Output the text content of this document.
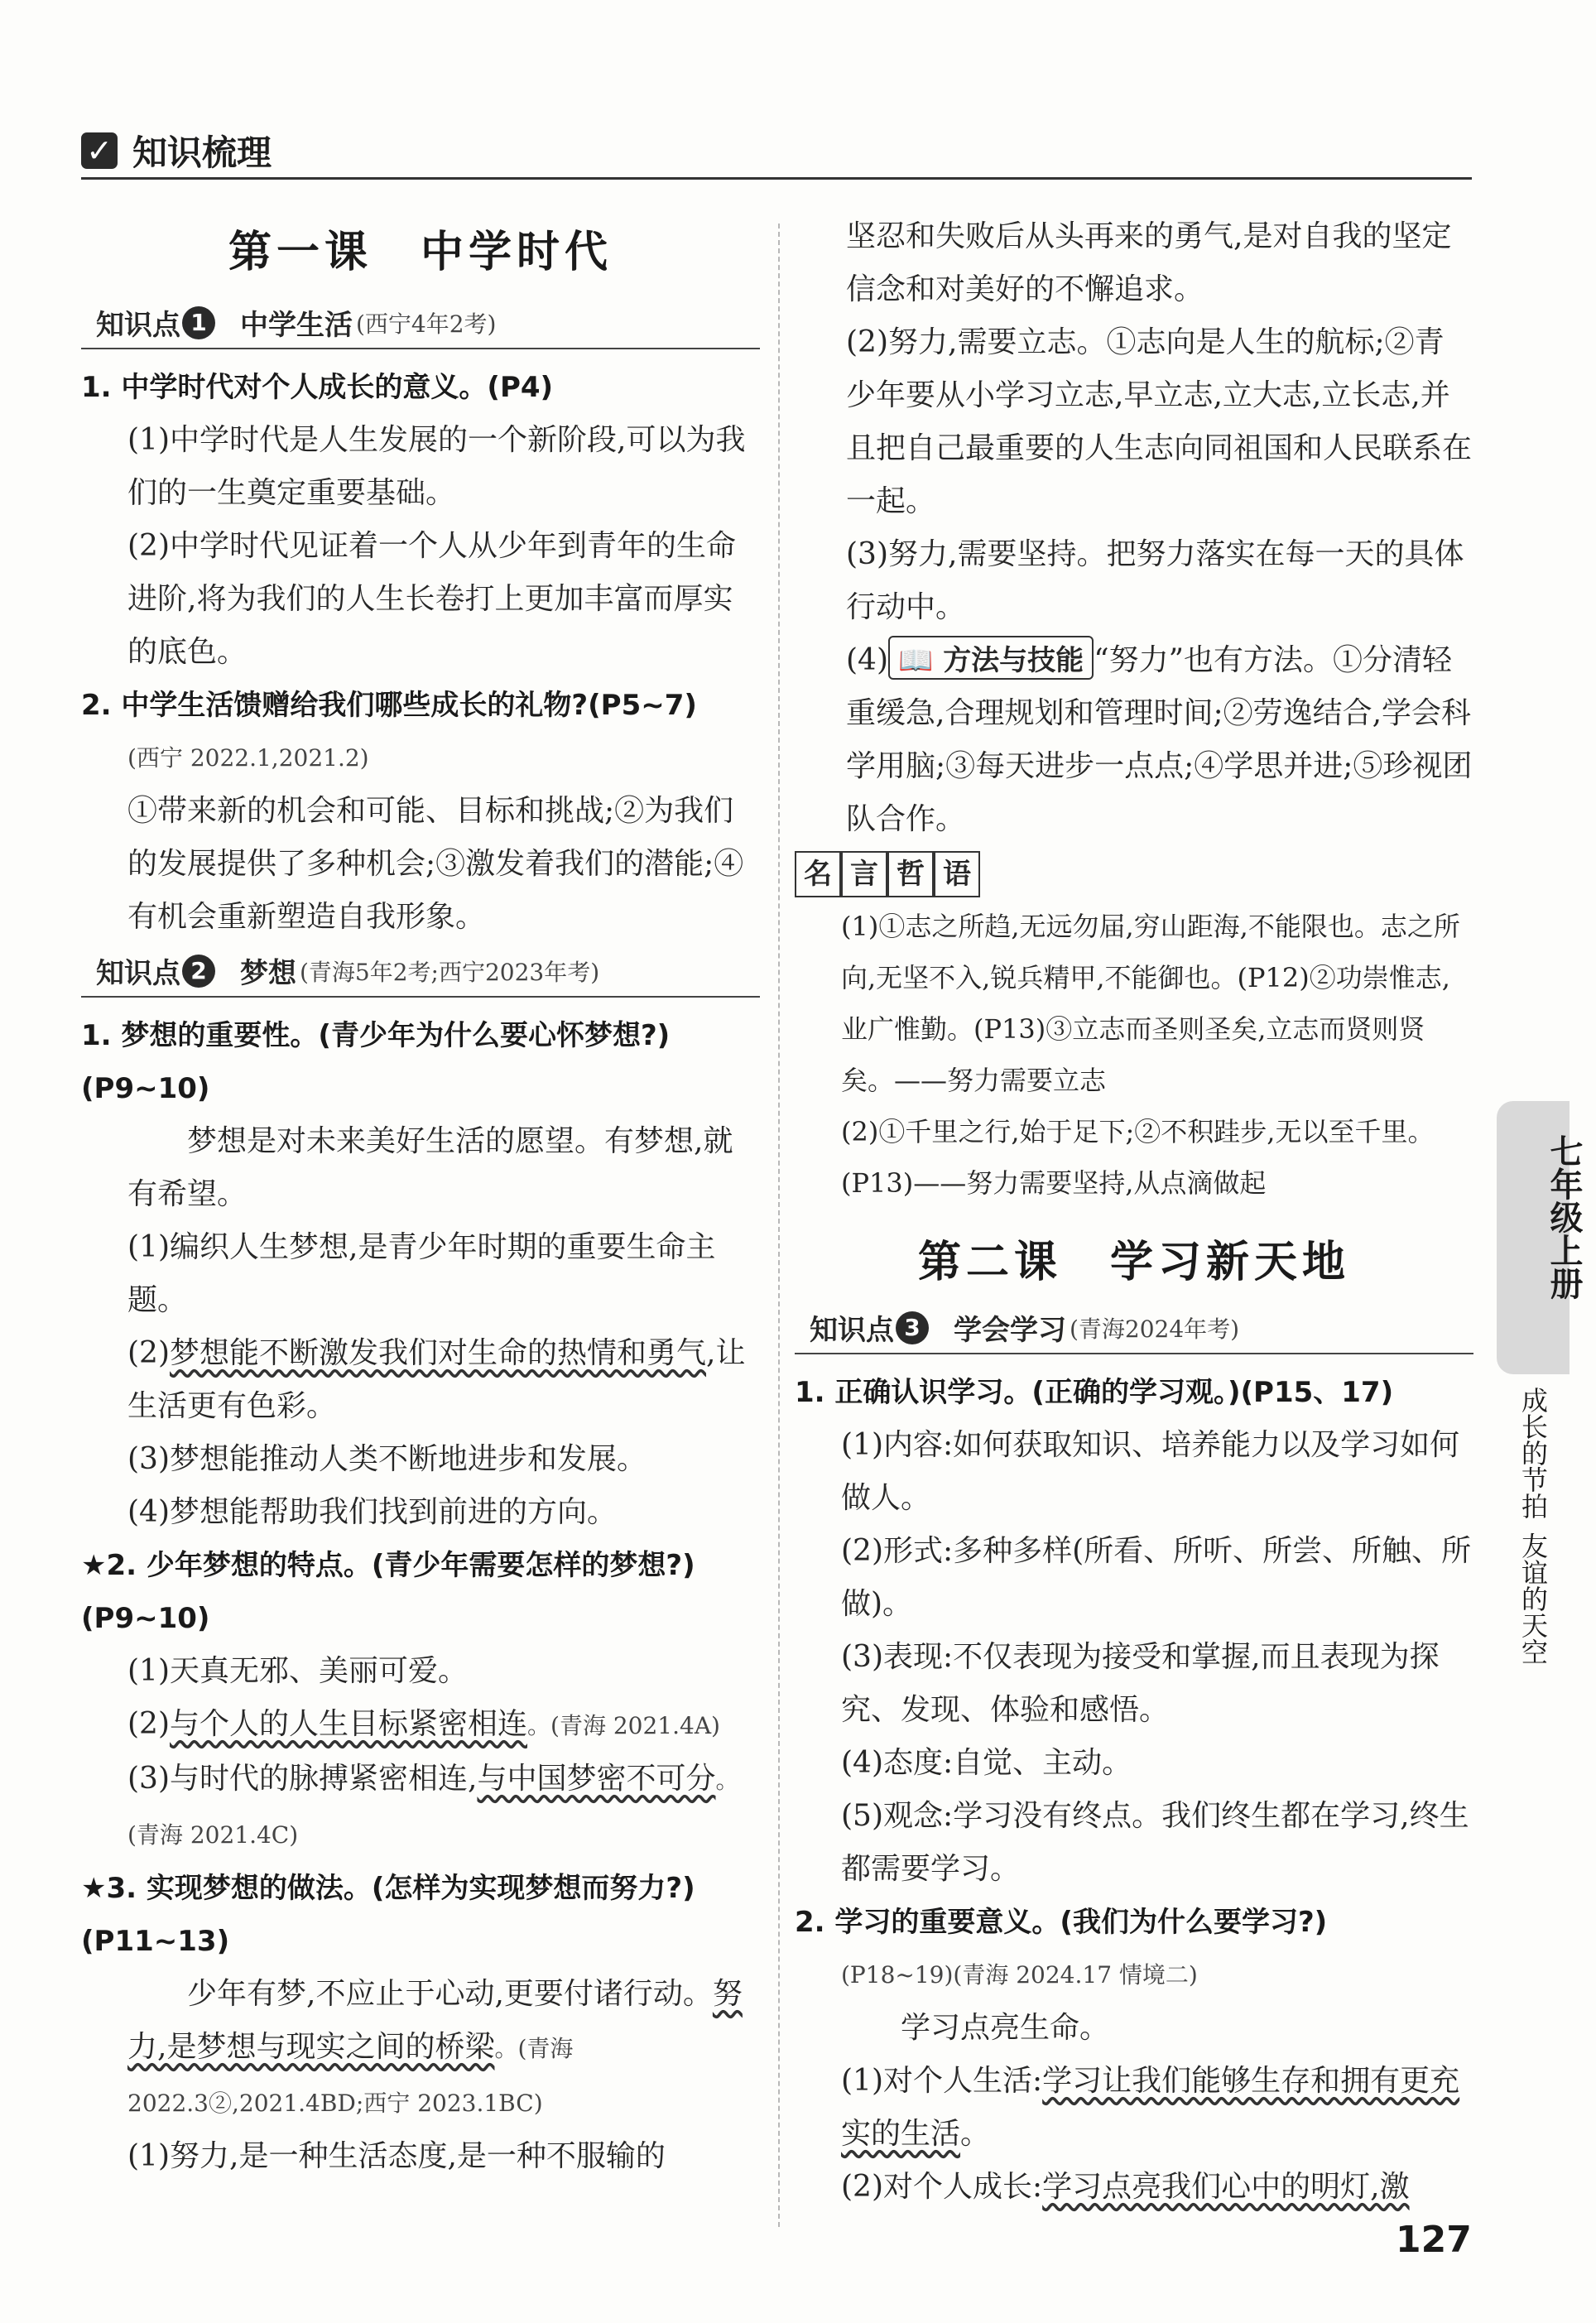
✓ 知识梳理
第一课　中学时代
知识点 1	中学生活 (西宁4年2考)

1. 中学时代对个人成长的意义。(P4)

(1)中学时代是人生发展的一个新阶段,可以为我们的一生奠定重要基础。

(2)中学时代见证着一个人从少年到青年的生命进阶,将为我们的人生长卷打上更加丰富而厚实的底色。

2. 中学生活馈赠给我们哪些成长的礼物?(P5~7)

(西宁 2022.1,2021.2)

①带来新的机会和可能、目标和挑战;②为我们的发展提供了多种机会;③激发着我们的潜能;④有机会重新塑造自我形象。

知识点 2	梦想 (青海5年2考;西宁2023年考)

1. 梦想的重要性。(青少年为什么要心怀梦想?)(P9~10)

梦想是对未来美好生活的愿望。有梦想,就有希望。

(1)编织人生梦想,是青少年时期的重要生命主题。

(2)梦想能不断激发我们对生命的热情和勇气,让生活更有色彩。

(3)梦想能推动人类不断地进步和发展。

(4)梦想能帮助我们找到前进的方向。

★2. 少年梦想的特点。(青少年需要怎样的梦想?)(P9~10)

(1)天真无邪、美丽可爱。

(2)与个人的人生目标紧密相连。(青海 2021.4A)

(3)与时代的脉搏紧密相连,与中国梦密不可分。(青海 2021.4C)

★3. 实现梦想的做法。(怎样为实现梦想而努力?)(P11~13)

少年有梦,不应止于心动,更要付诸行动。努力,是梦想与现实之间的桥梁。(青海 2022.3②,2021.4BD;西宁 2023.1BC)

(1)努力,是一种生活态度,是一种不服输的

坚忍和失败后从头再来的勇气,是对自我的坚定信念和对美好的不懈追求。

(2)努力,需要立志。①志向是人生的航标;②青少年要从小学习立志,早立志,立大志,立长志,并且把自己最重要的人生志向同祖国和人民联系在一起。

(3)努力,需要坚持。把努力落实在每一天的具体行动中。

(4) 📖 方法与技能 “努力”也有方法。①分清轻重缓急,合理规划和管理时间;②劳逸结合,学会科学用脑;③每天进步一点点;④学思并进;⑤珍视团队合作。

名 言 哲 语

(1)①志之所趋,无远勿届,穷山距海,不能限也。志之所向,无坚不入,锐兵精甲,不能御也。(P12)②功崇惟志,业广惟勤。(P13)③立志而圣则圣矣,立志而贤则贤矣。——努力需要立志

(2)①千里之行,始于足下;②不积跬步,无以至千里。(P13)——努力需要坚持,从点滴做起

第二课　学习新天地
知识点 3	学会学习 (青海2024年考)

1. 正确认识学习。(正确的学习观。)(P15、17)

(1)内容:如何获取知识、培养能力以及学习如何做人。

(2)形式:多种多样(所看、所听、所尝、所触、所做)。

(3)表现:不仅表现为接受和掌握,而且表现为探究、发现、体验和感悟。

(4)态度:自觉、主动。

(5)观念:学习没有终点。我们终生都在学习,终生都需要学习。

2. 学习的重要意义。(我们为什么要学习?)

(P18~19)(青海 2024.17 情境二)

学习点亮生命。

(1)对个人生活:学习让我们能够生存和拥有更充实的生活。

(2)对个人成长:学习点亮我们心中的明灯,激

七年级上册
成长的节拍
友谊的天空
127
